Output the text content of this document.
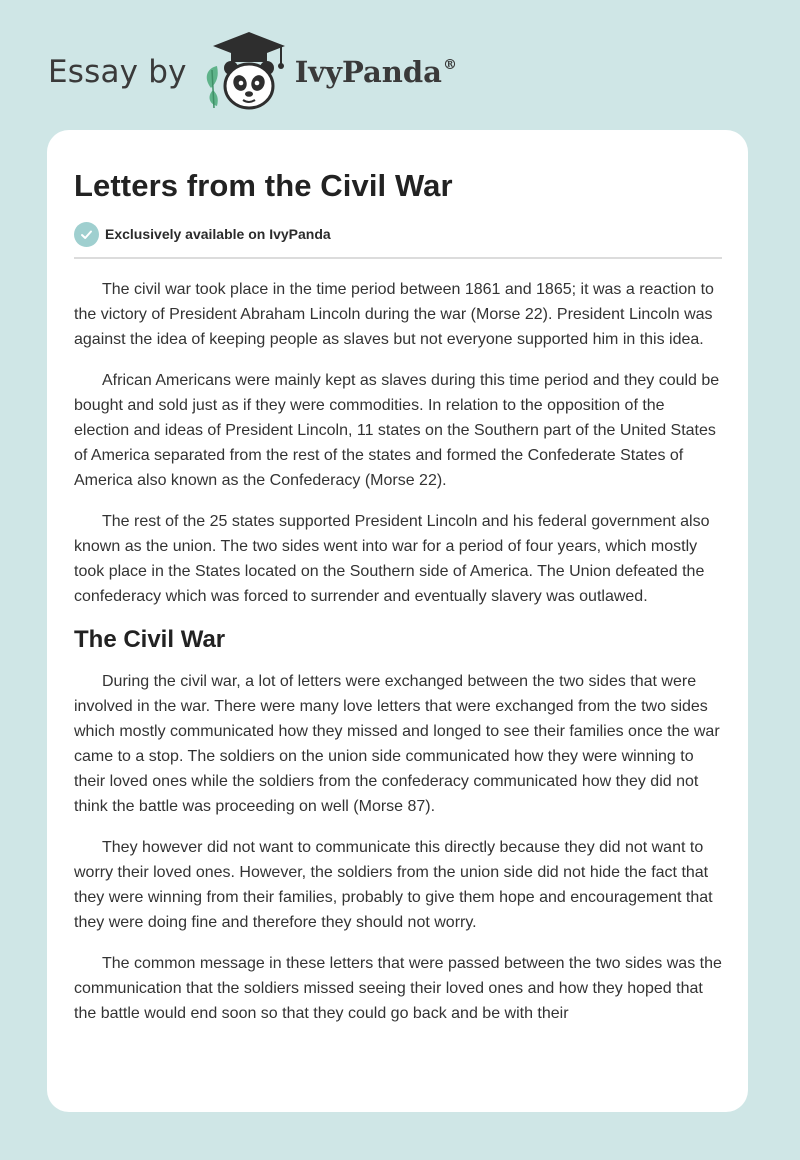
Essay by	IvyPanda®
Letters from the Civil War
Exclusively available on IvyPanda

The civil war took place in the time period between 1861 and 1865; it was a reaction to the victory of President Abraham Lincoln during the war (Morse 22). President Lincoln was against the idea of keeping people as slaves but not everyone supported him in this idea.

African Americans were mainly kept as slaves during this time period and they could be bought and sold just as if they were commodities. In relation to the opposition of the election and ideas of President Lincoln, 11 states on the Southern part of the United States of America separated from the rest of the states and formed the Confederate States of America also known as the Confederacy (Morse 22).

The rest of the 25 states supported President Lincoln and his federal government also known as the union. The two sides went into war for a period of four years, which mostly took place in the States located on the Southern side of America. The Union defeated the confederacy which was forced to surrender and eventually slavery was outlawed.

The Civil War

During the civil war, a lot of letters were exchanged between the two sides that were involved in the war. There were many love letters that were exchanged from the two sides which mostly communicated how they missed and longed to see their families once the war came to a stop. The soldiers on the union side communicated how they were winning to their loved ones while the soldiers from the confederacy communicated how they did not think the battle was proceeding on well (Morse 87).

They however did not want to communicate this directly because they did not want to worry their loved ones. However, the soldiers from the union side did not hide the fact that they were winning from their families, probably to give them hope and encouragement that they were doing fine and therefore they should not worry.

The common message in these letters that were passed between the two sides was the communication that the soldiers missed seeing their loved ones and how they hoped that the battle would end soon so that they could go back and be with their
